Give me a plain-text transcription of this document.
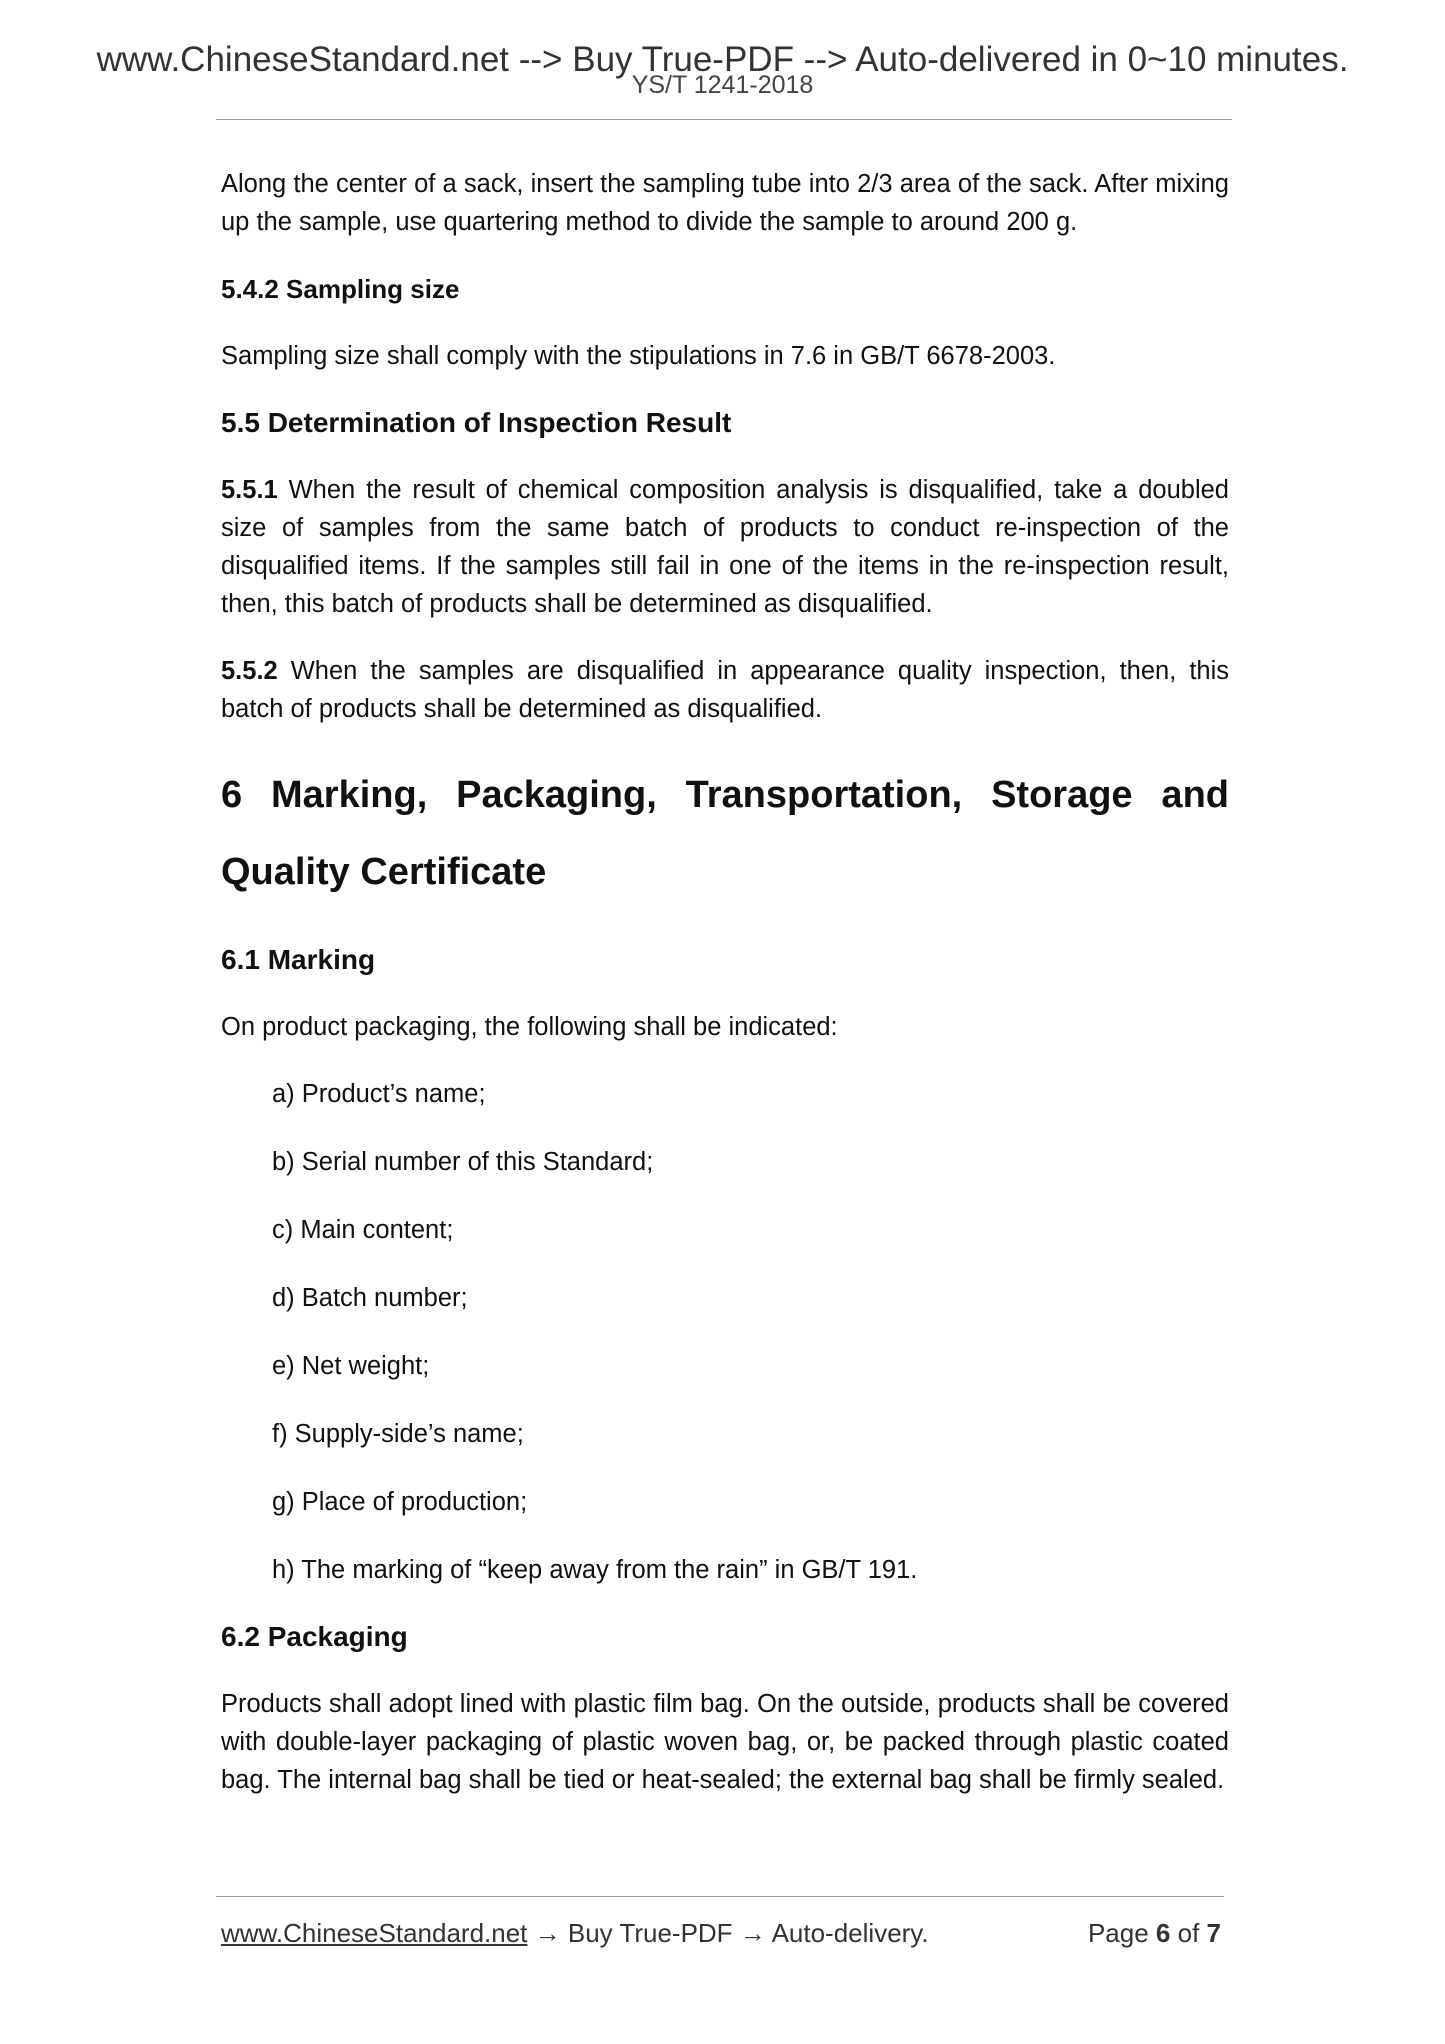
www.ChineseStandard.net --> Buy True-PDF --> Auto-delivered in 0~10 minutes.
YS/T 1241-2018

Along the center of a sack, insert the sampling tube into 2/3 area of the sack. After mixing up the sample, use quartering method to divide the sample to around 200 g.

5.4.2 Sampling size

Sampling size shall comply with the stipulations in 7.6 in GB/T 6678-2003.

5.5 Determination of Inspection Result

5.5.1 When the result of chemical composition analysis is disqualified, take a doubled size of samples from the same batch of products to conduct re-inspection of the disqualified items. If the samples still fail in one of the items in the re-inspection result, then, this batch of products shall be determined as disqualified.

5.5.2 When the samples are disqualified in appearance quality inspection, then, this batch of products shall be determined as disqualified.

6 Marking, Packaging, Transportation, Storage and Quality Certificate
6.1 Marking

On product packaging, the following shall be indicated:

a) Product’s name;
b) Serial number of this Standard;
c) Main content;
d) Batch number;
e) Net weight;
f) Supply-side’s name;
g) Place of production;
h) The marking of “keep away from the rain” in GB/T 191.
6.2 Packaging

Products shall adopt lined with plastic film bag. On the outside, products shall be covered with double-layer packaging of plastic woven bag, or, be packed through plastic coated bag. The internal bag shall be tied or heat-sealed; the external bag shall be firmly sealed.

www.ChineseStandard.net → Buy True-PDF → Auto-delivery.	Page 6 of 7
